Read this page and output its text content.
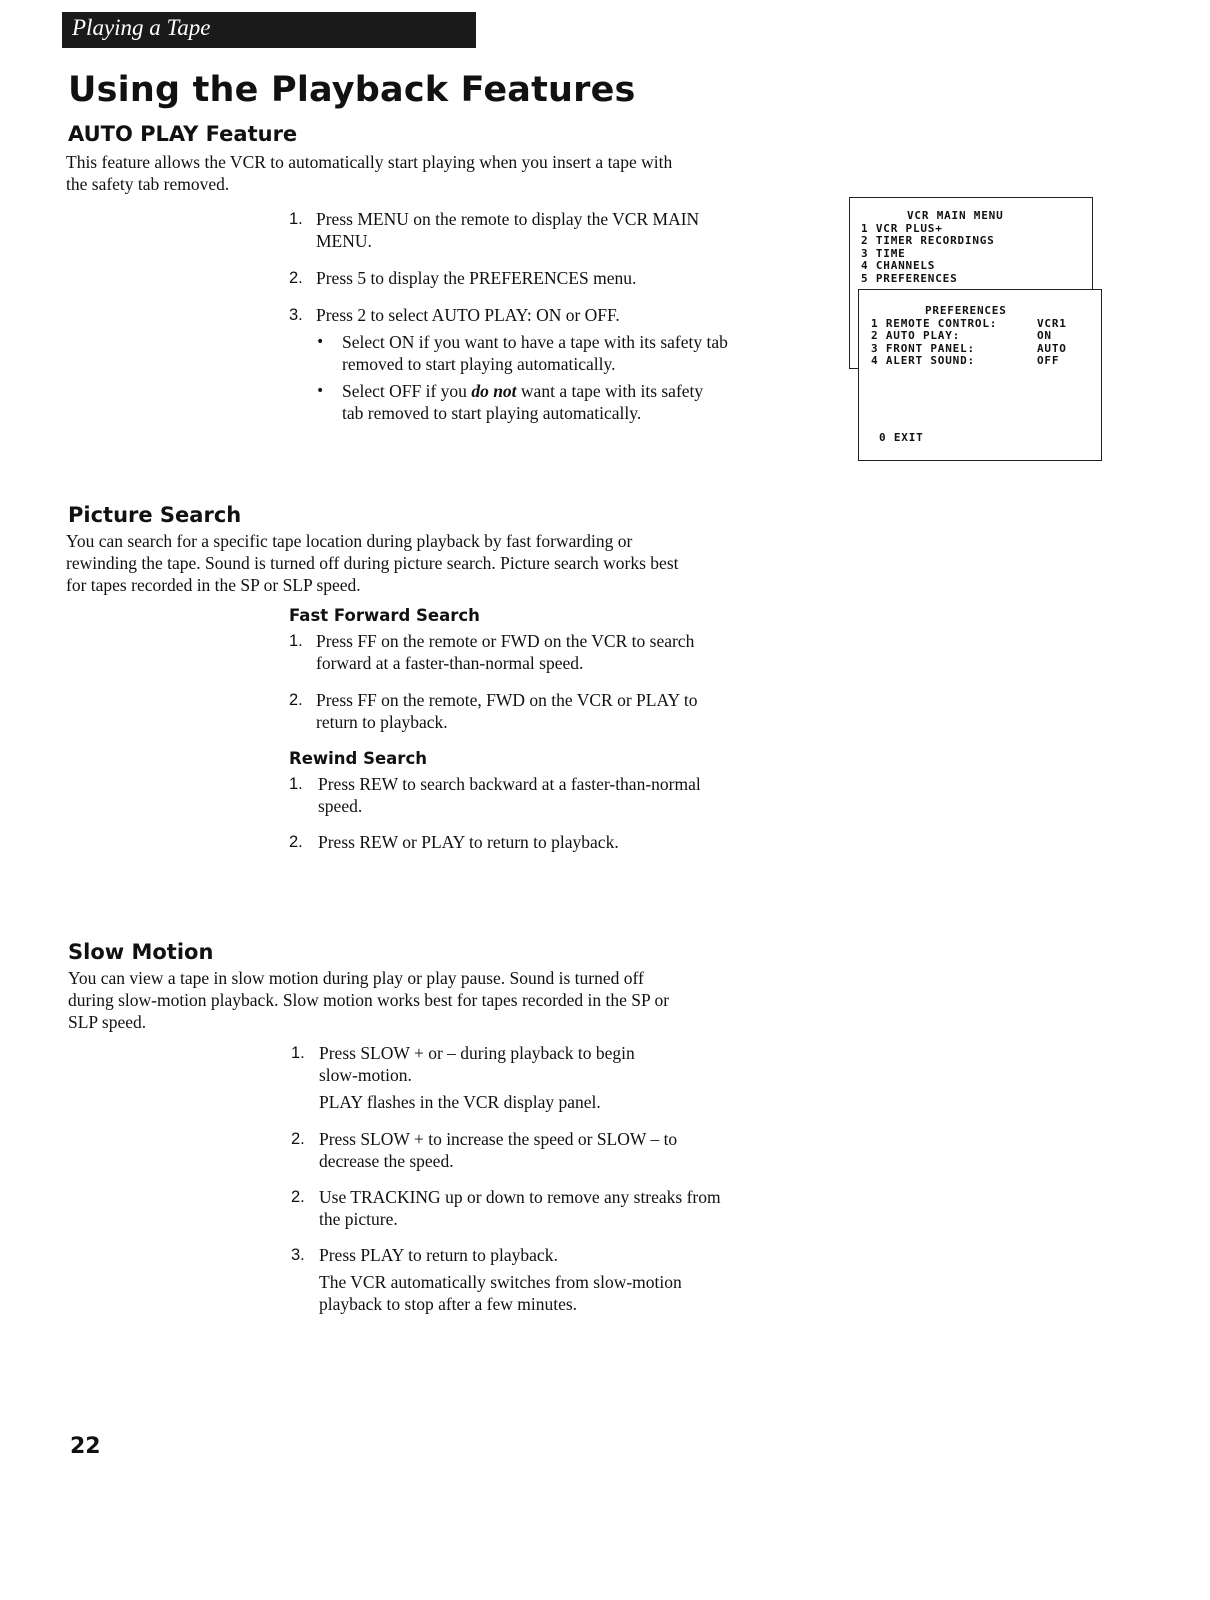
Playing a Tape
Using the Playback Features
AUTO PLAY Feature

This feature allows the VCR to automatically start playing when you insert a tape with
the safety tab removed.

1. Press MENU on the remote to display the VCR MAIN
MENU.
2. Press 5 to display the PREFERENCES menu.
3. Press 2 to select AUTO PLAY: ON or OFF.
• Select ON if you want to have a tape with its safety tab
removed to start playing automatically.
• Select OFF if you do not want a tape with its safety
tab removed to start playing automatically.
VCR MAIN MENU
1 VCR PLUS+
2 TIMER RECORDINGS
3 TIME
4 CHANNELS
5 PREFERENCES
PREFERENCES
1 REMOTE CONTROL:	VCR1
2 AUTO PLAY:	ON
3 FRONT PANEL:	AUTO
4 ALERT SOUND:	OFF
0 EXIT
Picture Search

You can search for a specific tape location during playback by fast forwarding or
rewinding the tape. Sound is turned off during picture search. Picture search works best
for tapes recorded in the SP or SLP speed.

Fast Forward Search
1. Press FF on the remote or FWD on the VCR to search
forward at a faster-than-normal speed.
2. Press FF on the remote, FWD on the VCR or PLAY to
return to playback.
Rewind Search
1. Press REW to search backward at a faster-than-normal
speed.
2. Press REW or PLAY to return to playback.
Slow Motion

You can view a tape in slow motion during play or play pause. Sound is turned off
during slow-motion playback. Slow motion works best for tapes recorded in the SP or
SLP speed.

1. Press SLOW + or – during playback to begin
slow-motion.
PLAY flashes in the VCR display panel.
2. Press SLOW + to increase the speed or SLOW – to
decrease the speed.
2. Use TRACKING up or down to remove any streaks from
the picture.
3. Press PLAY to return to playback.
The VCR automatically switches from slow-motion
playback to stop after a few minutes.
22
